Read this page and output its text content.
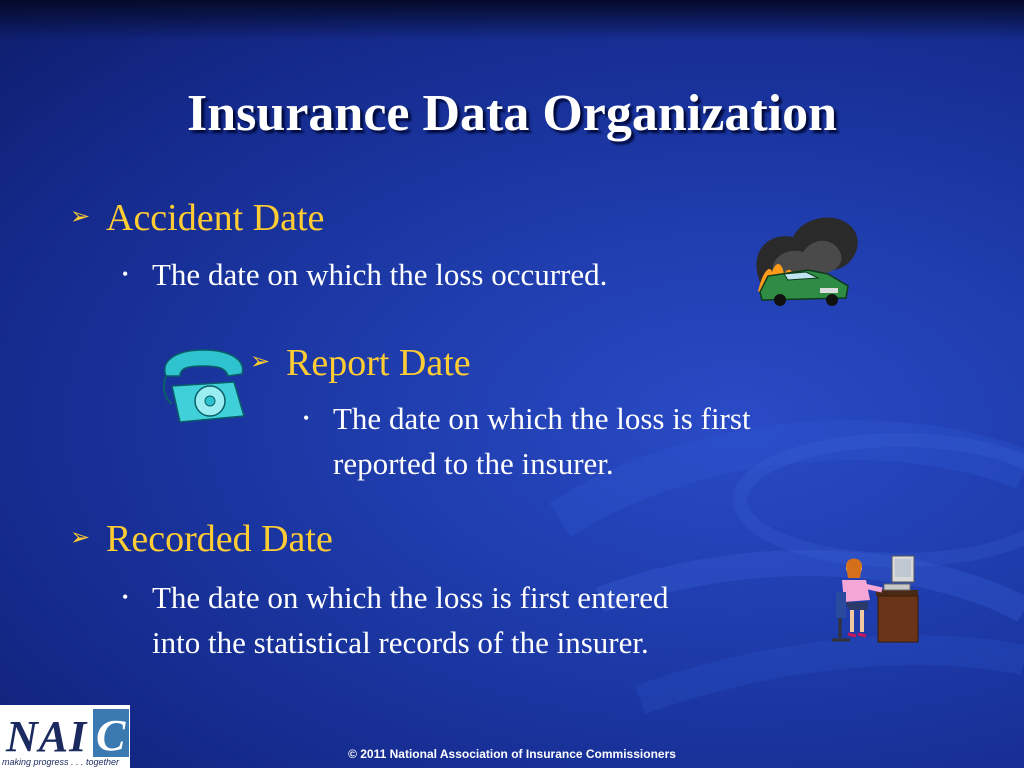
Insurance Data Organization
➢ Accident Date
• The date on which the loss occurred.
➢ Report Date
• The date on which the loss is first
reported to the insurer.
➢ Recorded Date
• The date on which the loss is first entered
into the statistical records of the insurer.
NAI C
making progress . . . together
© 2011 National Association of Insurance Commissioners
